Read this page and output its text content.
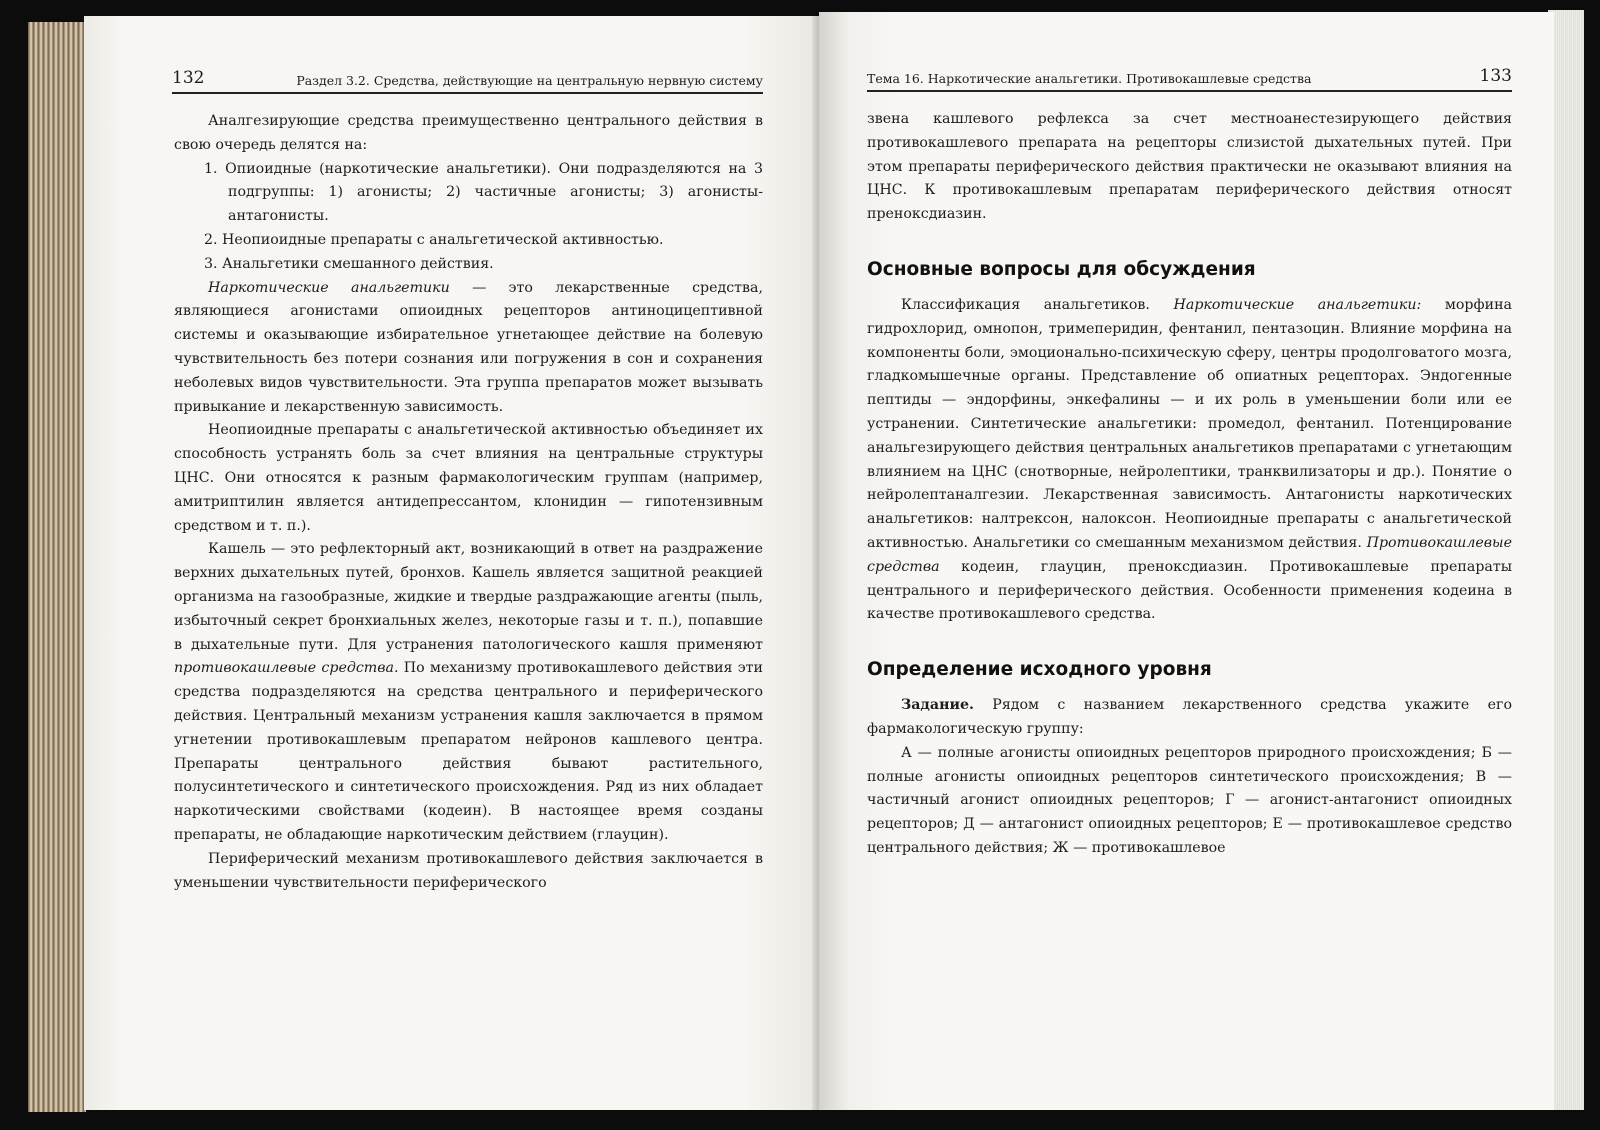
132	Раздел 3.2. Средства, действующие на центральную нервную систему

Аналгезирующие средства преимущественно центрального действия в свою очередь делятся на:

1. Опиоидные (наркотические анальгетики). Они подразделяются на 3 подгруппы: 1) агонисты; 2) частичные агонисты; 3) агонисты-антагонисты.
2. Неопиоидные препараты с анальгетической активностью.
3. Анальгетики смешанного действия.

Наркотические анальгетики — это лекарственные средства, являющиеся агонистами опиоидных рецепторов антиноцицептивной системы и оказывающие избирательное угнетающее действие на болевую чувствительность без потери сознания или погружения в сон и сохранения неболевых видов чувствительности. Эта группа препаратов может вызывать привыкание и лекарственную зависимость.

Неопиоидные препараты с анальгетической активностью объединяет их способность устранять боль за счет влияния на центральные структуры ЦНС. Они относятся к разным фармакологическим группам (например, амитриптилин является антидепрессантом, клонидин — гипотензивным средством и т. п.).

Кашель — это рефлекторный акт, возникающий в ответ на раздражение верхних дыхательных путей, бронхов. Кашель является защитной реакцией организма на газообразные, жидкие и твердые раздражающие агенты (пыль, избыточный секрет бронхиальных желез, некоторые газы и т. п.), попавшие в дыхательные пути. Для устранения патологического кашля применяют противокашлевые средства. По механизму противокашлевого действия эти средства подразделяются на средства центрального и периферического действия. Центральный механизм устранения кашля заключается в прямом угнетении противокашлевым препаратом нейронов кашлевого центра. Препараты центрального действия бывают растительного, полусинтетического и синтетического происхождения. Ряд из них обладает наркотическими свойствами (кодеин). В настоящее время созданы препараты, не обладающие наркотическим действием (глауцин).

Периферический механизм противокашлевого действия заключается в уменьшении чувствительности периферического

Тема 16. Наркотические анальгетики. Противокашлевые средства	133

звена кашлевого рефлекса за счет местноанестезирующего действия противокашлевого препарата на рецепторы слизистой дыхательных путей. При этом препараты периферического действия практически не оказывают влияния на ЦНС. К противокашлевым препаратам периферического действия относят преноксдиазин.

Основные вопросы для обсуждения

Классификация анальгетиков. Наркотические анальгетики: морфина гидрохлорид, омнопон, тримеперидин, фентанил, пентазоцин. Влияние морфина на компоненты боли, эмоционально-психическую сферу, центры продолговатого мозга, гладкомышечные органы. Представление об опиатных рецепторах. Эндогенные пептиды — эндорфины, энкефалины — и их роль в уменьшении боли или ее устранении. Синтетические анальгетики: промедол, фентанил. Потенцирование анальгезирующего действия центральных анальгетиков препаратами с угнетающим влиянием на ЦНС (снотворные, нейролептики, транквилизаторы и др.). Понятие о нейролептаналгезии. Лекарственная зависимость. Антагонисты наркотических анальгетиков: налтрексон, налоксон. Неопиоидные препараты с анальгетической активностью. Анальгетики со смешанным механизмом действия. Противокашлевые средства кодеин, глауцин, преноксдиазин. Противокашлевые препараты центрального и периферического действия. Особенности применения кодеина в качестве противокашлевого средства.

Определение исходного уровня

Задание. Рядом с названием лекарственного средства укажите его фармакологическую группу:

А — полные агонисты опиоидных рецепторов природного происхождения; Б — полные агонисты опиоидных рецепторов синтетического происхождения; В — частичный агонист опиоидных рецепторов; Г — агонист-антагонист опиоидных рецепторов; Д — антагонист опиоидных рецепторов; Е — противокашлевое средство центрального действия; Ж — противокашлевое
